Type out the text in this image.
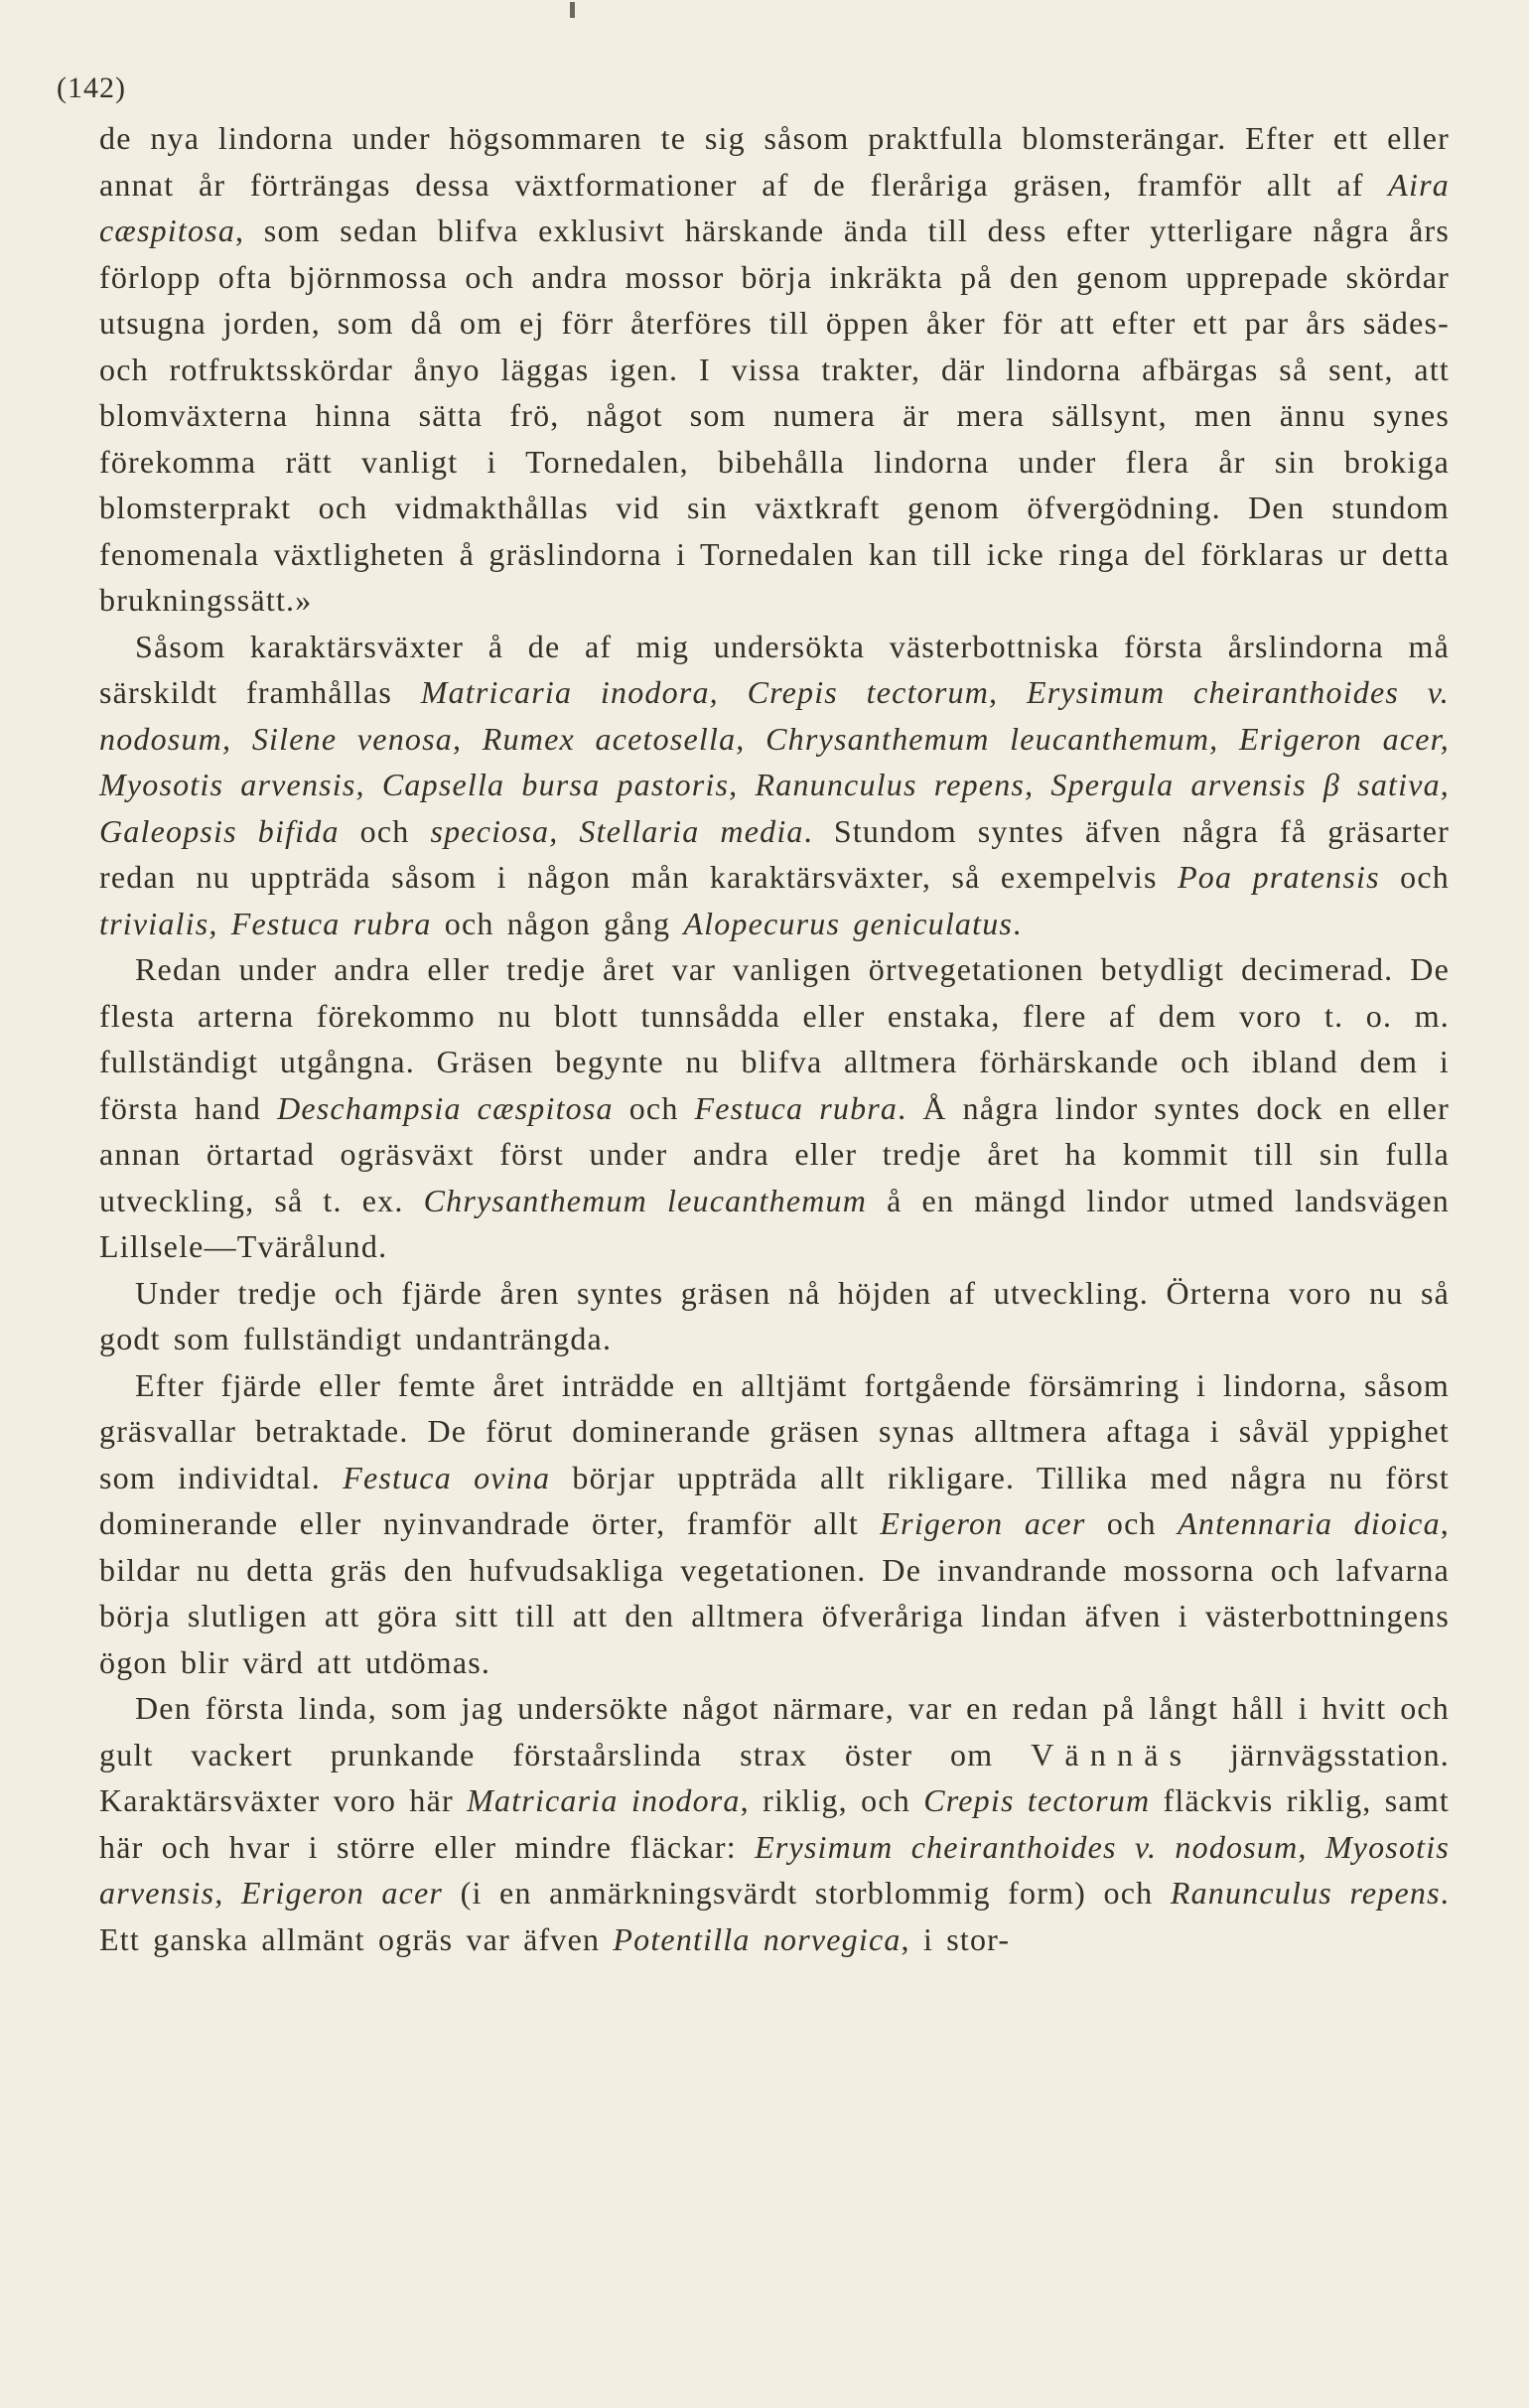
(142)

de nya lindorna under högsommaren te sig såsom praktfulla blomsterängar. Efter ett eller annat år förträngas dessa växtformationer af de fleråriga gräsen, framför allt af Aira cæspitosa, som sedan blifva exklusivt härskande ända till dess efter ytterligare några års förlopp ofta björnmossa och andra mossor börja inkräkta på den genom upprepade skördar utsugna jorden, som då om ej förr återföres till öppen åker för att efter ett par års sädes- och rotfruktsskördar ånyo läggas igen. I vissa trakter, där lindorna afbärgas så sent, att blomväxterna hinna sätta frö, något som numera är mera sällsynt, men ännu synes förekomma rätt vanligt i Tornedalen, bibehålla lindorna under flera år sin brokiga blomsterprakt och vidmakthållas vid sin växtkraft genom öfvergödning. Den stundom fenomenala växtligheten å gräslindorna i Tornedalen kan till icke ringa del förklaras ur detta brukningssätt.»

Såsom karaktärsväxter å de af mig undersökta västerbottniska första årslindorna må särskildt framhållas Matricaria inodora, Crepis tectorum, Erysimum cheiranthoides v. nodosum, Silene venosa, Rumex acetosella, Chrysanthemum leucanthemum, Erigeron acer, Myosotis arvensis, Capsella bursa pastoris, Ranunculus repens, Spergula arvensis β sativa, Galeopsis bifida och speciosa, Stellaria media. Stundom syntes äfven några få gräsarter redan nu uppträda såsom i någon mån karaktärsväxter, så exempelvis Poa pratensis och trivialis, Festuca rubra och någon gång Alopecurus geniculatus.

Redan under andra eller tredje året var vanligen örtvegetationen betydligt decimerad. De flesta arterna förekommo nu blott tunnsådda eller enstaka, flere af dem voro t. o. m. fullständigt utgångna. Gräsen begynte nu blifva alltmera förhärskande och ibland dem i första hand Deschampsia cæspitosa och Festuca rubra. Å några lindor syntes dock en eller annan örtartad ogräsväxt först under andra eller tredje året ha kommit till sin fulla utveckling, så t. ex. Chrysanthemum leucanthemum å en mängd lindor utmed landsvägen Lillsele—Tvärålund.

Under tredje och fjärde åren syntes gräsen nå höjden af utveckling. Örterna voro nu så godt som fullständigt undanträngda.

Efter fjärde eller femte året inträdde en alltjämt fortgående försämring i lindorna, såsom gräsvallar betraktade. De förut dominerande gräsen synas alltmera aftaga i såväl yppighet som individtal. Festuca ovina börjar uppträda allt rikligare. Tillika med några nu först dominerande eller nyinvandrade örter, framför allt Erigeron acer och Antennaria dioica, bildar nu detta gräs den hufvudsakliga vegetationen. De invandrande mossorna och lafvarna börja slutligen att göra sitt till att den alltmera öfveråriga lindan äfven i västerbottningens ögon blir värd att utdömas.

Den första linda, som jag undersökte något närmare, var en redan på långt håll i hvitt och gult vackert prunkande förstaårslinda strax öster om Vännäs järnvägsstation. Karaktärsväxter voro här Matricaria inodora, riklig, och Crepis tectorum fläckvis riklig, samt här och hvar i större eller mindre fläckar: Erysimum cheiranthoides v. nodosum, Myosotis arvensis, Erigeron acer (i en anmärkningsvärdt storblommig form) och Ranunculus repens. Ett ganska allmänt ogräs var äfven Potentilla norvegica, i stor-
